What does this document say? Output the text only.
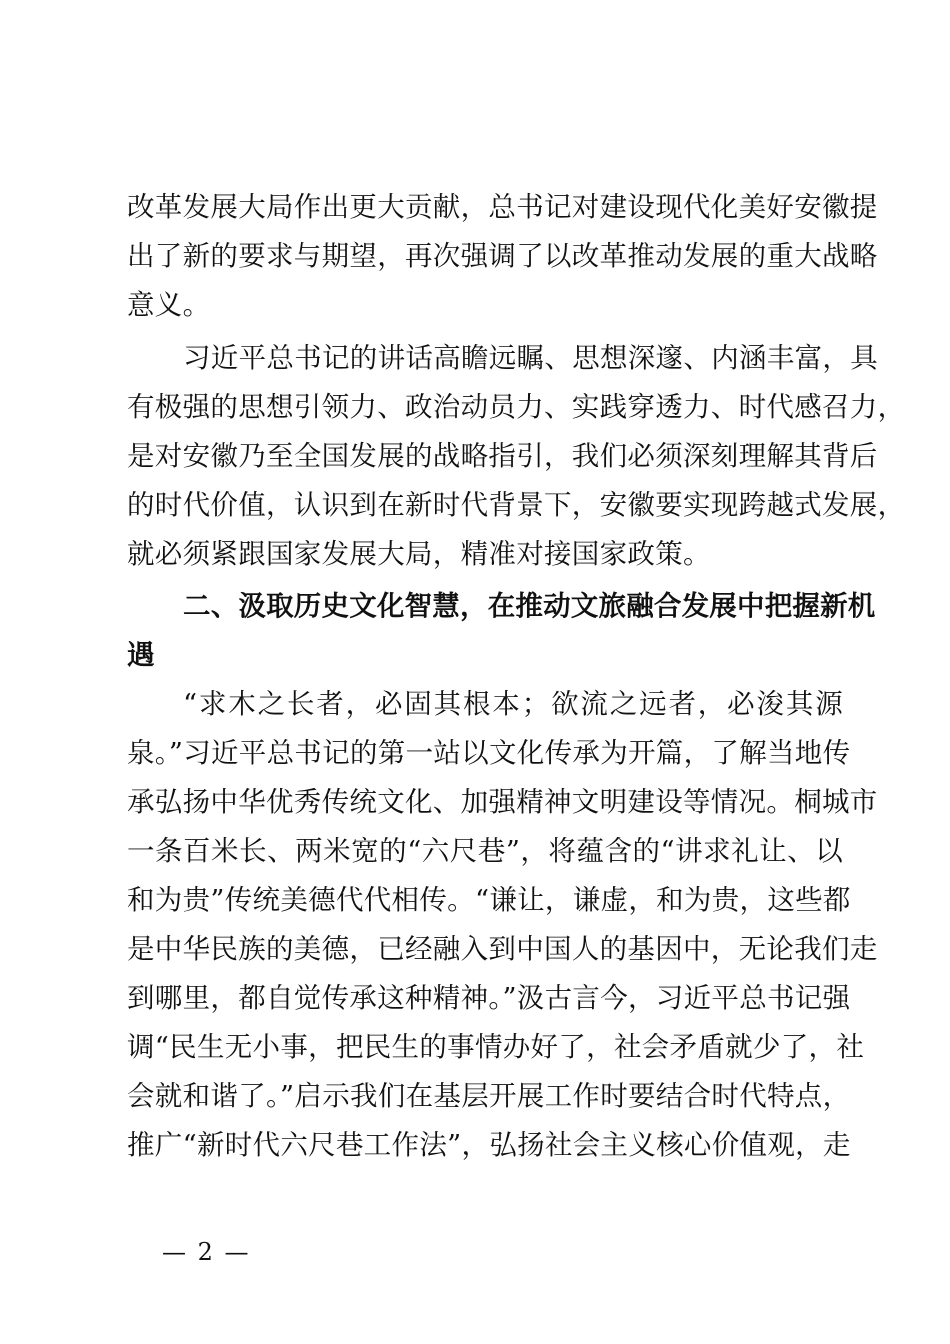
改革发展大局作出更大贡献，总书记对建设现代化美好安徽提
出了新的要求与期望，再次强调了以改革推动发展的重大战略
意义。
习近平总书记的讲话高瞻远瞩、思想深邃、内涵丰富，具
有极强的思想引领力、政治动员力、实践穿透力、时代感召力，
是对安徽乃至全国发展的战略指引，我们必须深刻理解其背后
的时代价值，认识到在新时代背景下，安徽要实现跨越式发展，
就必须紧跟国家发展大局，精准对接国家政策。
二、汲取历史文化智慧，在推动文旅融合发展中把握新机
遇
“求木之长者，必固其根本；欲流之远者，必浚其源
泉。”习近平总书记的第一站以文化传承为开篇，了解当地传
承弘扬中华优秀传统文化、加强精神文明建设等情况。桐城市
一条百米长、两米宽的“六尺巷”，将蕴含的“讲求礼让、以
和为贵”传统美德代代相传。“谦让，谦虚，和为贵，这些都
是中华民族的美德，已经融入到中国人的基因中，无论我们走
到哪里，都自觉传承这种精神。”汲古言今，习近平总书记强
调“民生无小事，把民生的事情办好了，社会矛盾就少了，社
会就和谐了。”启示我们在基层开展工作时要结合时代特点，
推广“新时代六尺巷工作法”，弘扬社会主义核心价值观，走
— 2 —
